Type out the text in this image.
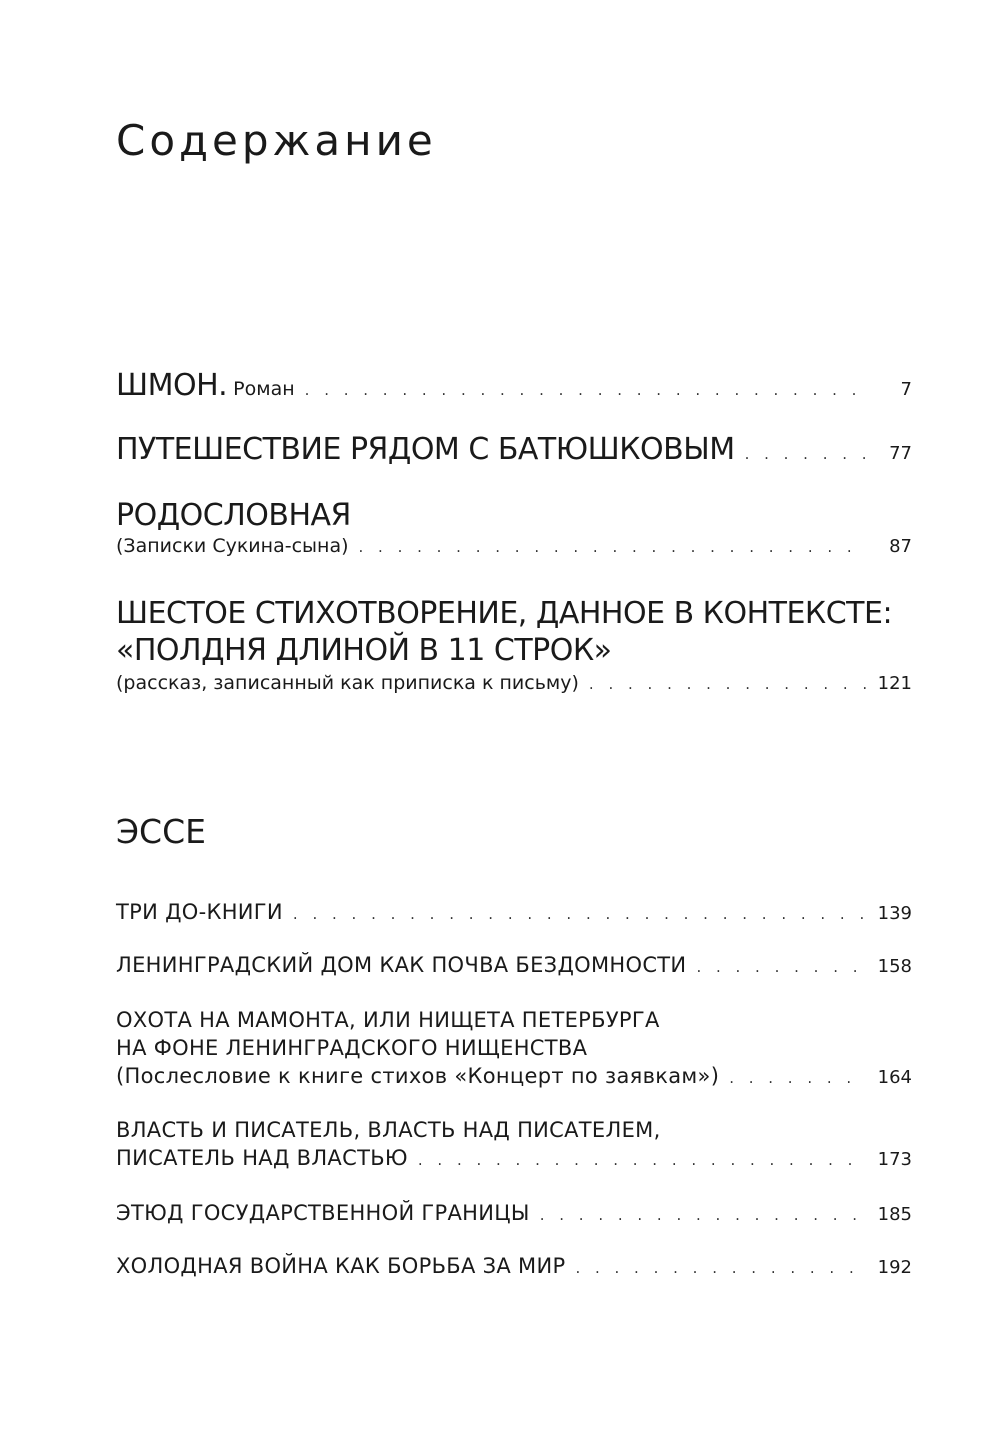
Содержание
ШМОН. Роман . . .	7
ПУТЕШЕСТВИЕ РЯДОМ С БАТЮШКОВЫМ . . .	77
РОДОСЛОВНАЯ
(Записки Сукина-сына) . . .	87
ШЕСТОЕ СТИХОТВОРЕНИЕ, ДАННОЕ В КОНТЕКСТЕ:
«ПОЛДНЯ ДЛИНОЙ В 11 СТРОК»
(рассказ, записанный как приписка к письму) . . .	121
ЭССЕ
ТРИ ДО-КНИГИ . . .	139
ЛЕНИНГРАДСКИЙ ДОМ КАК ПОЧВА БЕЗДОМНОСТИ . . .	158
ОХОТА НА МАМОНТА, ИЛИ НИЩЕТА ПЕТЕРБУРГА
НА ФОНЕ ЛЕНИНГРАДСКОГО НИЩЕНСТВА
(Послесловие к книге стихов «Концерт по заявкам») . . .	164
ВЛАСТЬ И ПИСАТЕЛЬ, ВЛАСТЬ НАД ПИСАТЕЛЕМ,
ПИСАТЕЛЬ НАД ВЛАСТЬЮ . . .	173
ЭТЮД ГОСУДАРСТВЕННОЙ ГРАНИЦЫ . . .	185
ХОЛОДНАЯ ВОЙНА КАК БОРЬБА ЗА МИР . . .	192
